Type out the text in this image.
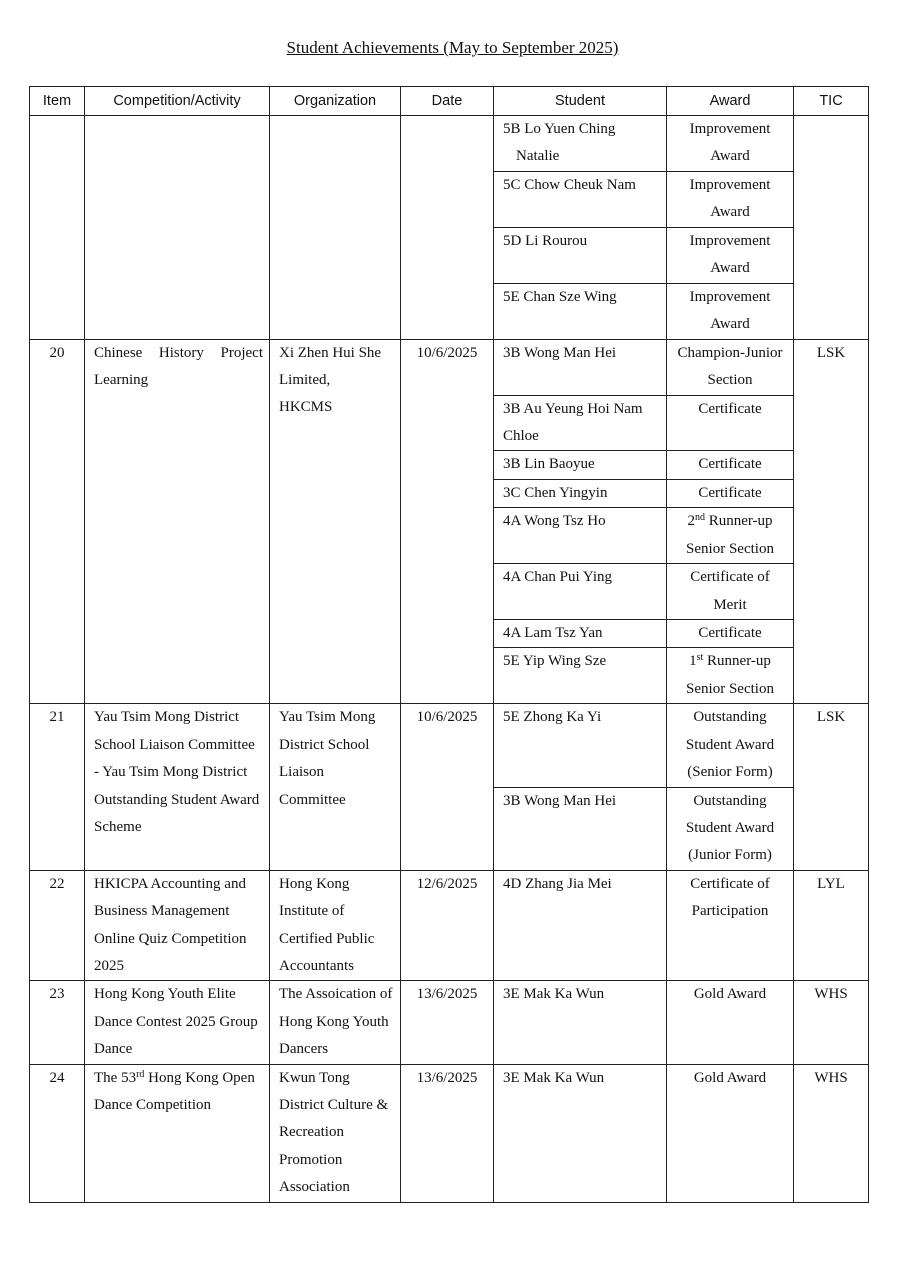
Student Achievements (May to September 2025)
Item	Competition/Activity	Organization	Date	Student	Award	TIC

				5B Lo Yuen Ching Natalie	Improvement Award	

				5C Chow Cheuk Nam	Improvement Award	

				5D Li Rourou	Improvement Award	

				5E Chan Sze Wing	Improvement Award	

20	Chinese History Project Learning	Xi Zhen Hui She
Limited,
HKCMS	10/6/2025	3B Wong Man Hei	Champion-Junior Section	LSK

				3B Au Yeung Hoi Nam Chloe	Certificate	

				3B Lin Baoyue	Certificate	

				3C Chen Yingyin	Certificate	

				4A Wong Tsz Ho	2nd Runner-up Senior Section	

				4A Chan Pui Ying	Certificate of Merit	

				4A Lam Tsz Yan	Certificate	

				5E Yip Wing Sze	1st Runner-up Senior Section	

21	Yau Tsim Mong District School Liaison Committee
- Yau Tsim Mong District Outstanding Student Award Scheme	Yau Tsim Mong District School Liaison Committee	10/6/2025	5E Zhong Ka Yi	Outstanding Student Award (Senior Form)	LSK

				3B Wong Man Hei	Outstanding Student Award (Junior Form)	

22	HKICPA Accounting and Business Management Online Quiz Competition 2025	Hong Kong Institute of Certified Public Accountants	12/6/2025	4D Zhang Jia Mei	Certificate of Participation	LYL

23	Hong Kong Youth Elite Dance Contest 2025 Group Dance	The Assoication of Hong Kong Youth Dancers	13/6/2025	3E Mak Ka Wun	Gold Award	WHS

24	The 53rd Hong Kong Open Dance Competition	Kwun Tong District Culture & Recreation Promotion Association	13/6/2025	3E Mak Ka Wun	Gold Award	WHS
